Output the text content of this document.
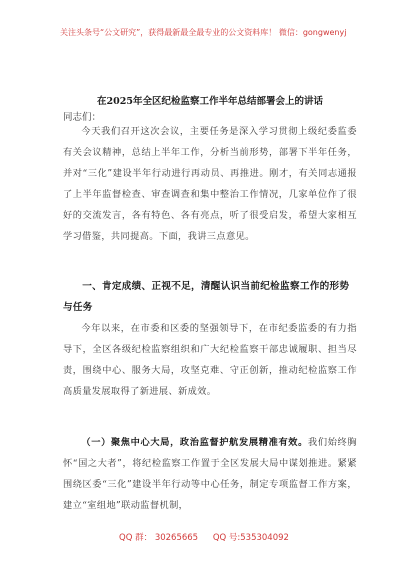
关注头条号“公文研究”，获得最新最全最专业的公文资料库！ 微信：gongwenyj
在2025年全区纪检监察工作半年总结部署会上的讲话
同志们：

今天我们召开这次会议，主要任务是深入学习贯彻上级纪委监委有关会议精神，总结上半年工作，分析当前形势，部署下半年任务，并对“三化”建设半年行动进行再动员、再推进。刚才，有关同志通报了上半年监督检查、审查调查和集中整治工作情况，几家单位作了很好的交流发言，各有特色、各有亮点，听了很受启发，希望大家相互学习借鉴，共同提高。下面，我讲三点意见。

一、肯定成绩、正视不足，清醒认识当前纪检监察工作的形势与任务

今年以来，在市委和区委的坚强领导下，在市纪委监委的有力指导下，全区各级纪检监察组织和广大纪检监察干部忠诚履职、担当尽责，围绕中心、服务大局，攻坚克难、守正创新，推动纪检监察工作高质量发展取得了新进展、新成效。

（一）聚焦中心大局，政治监督护航发展精准有效。我们始终胸怀“国之大者”，将纪检监察工作置于全区发展大局中谋划推进。紧紧围绕区委“三化”建设半年行动等中心任务，制定专项监督工作方案，建立“室组地”联动监督机制，

QQ 群： 30265665 QQ 号:535304092
